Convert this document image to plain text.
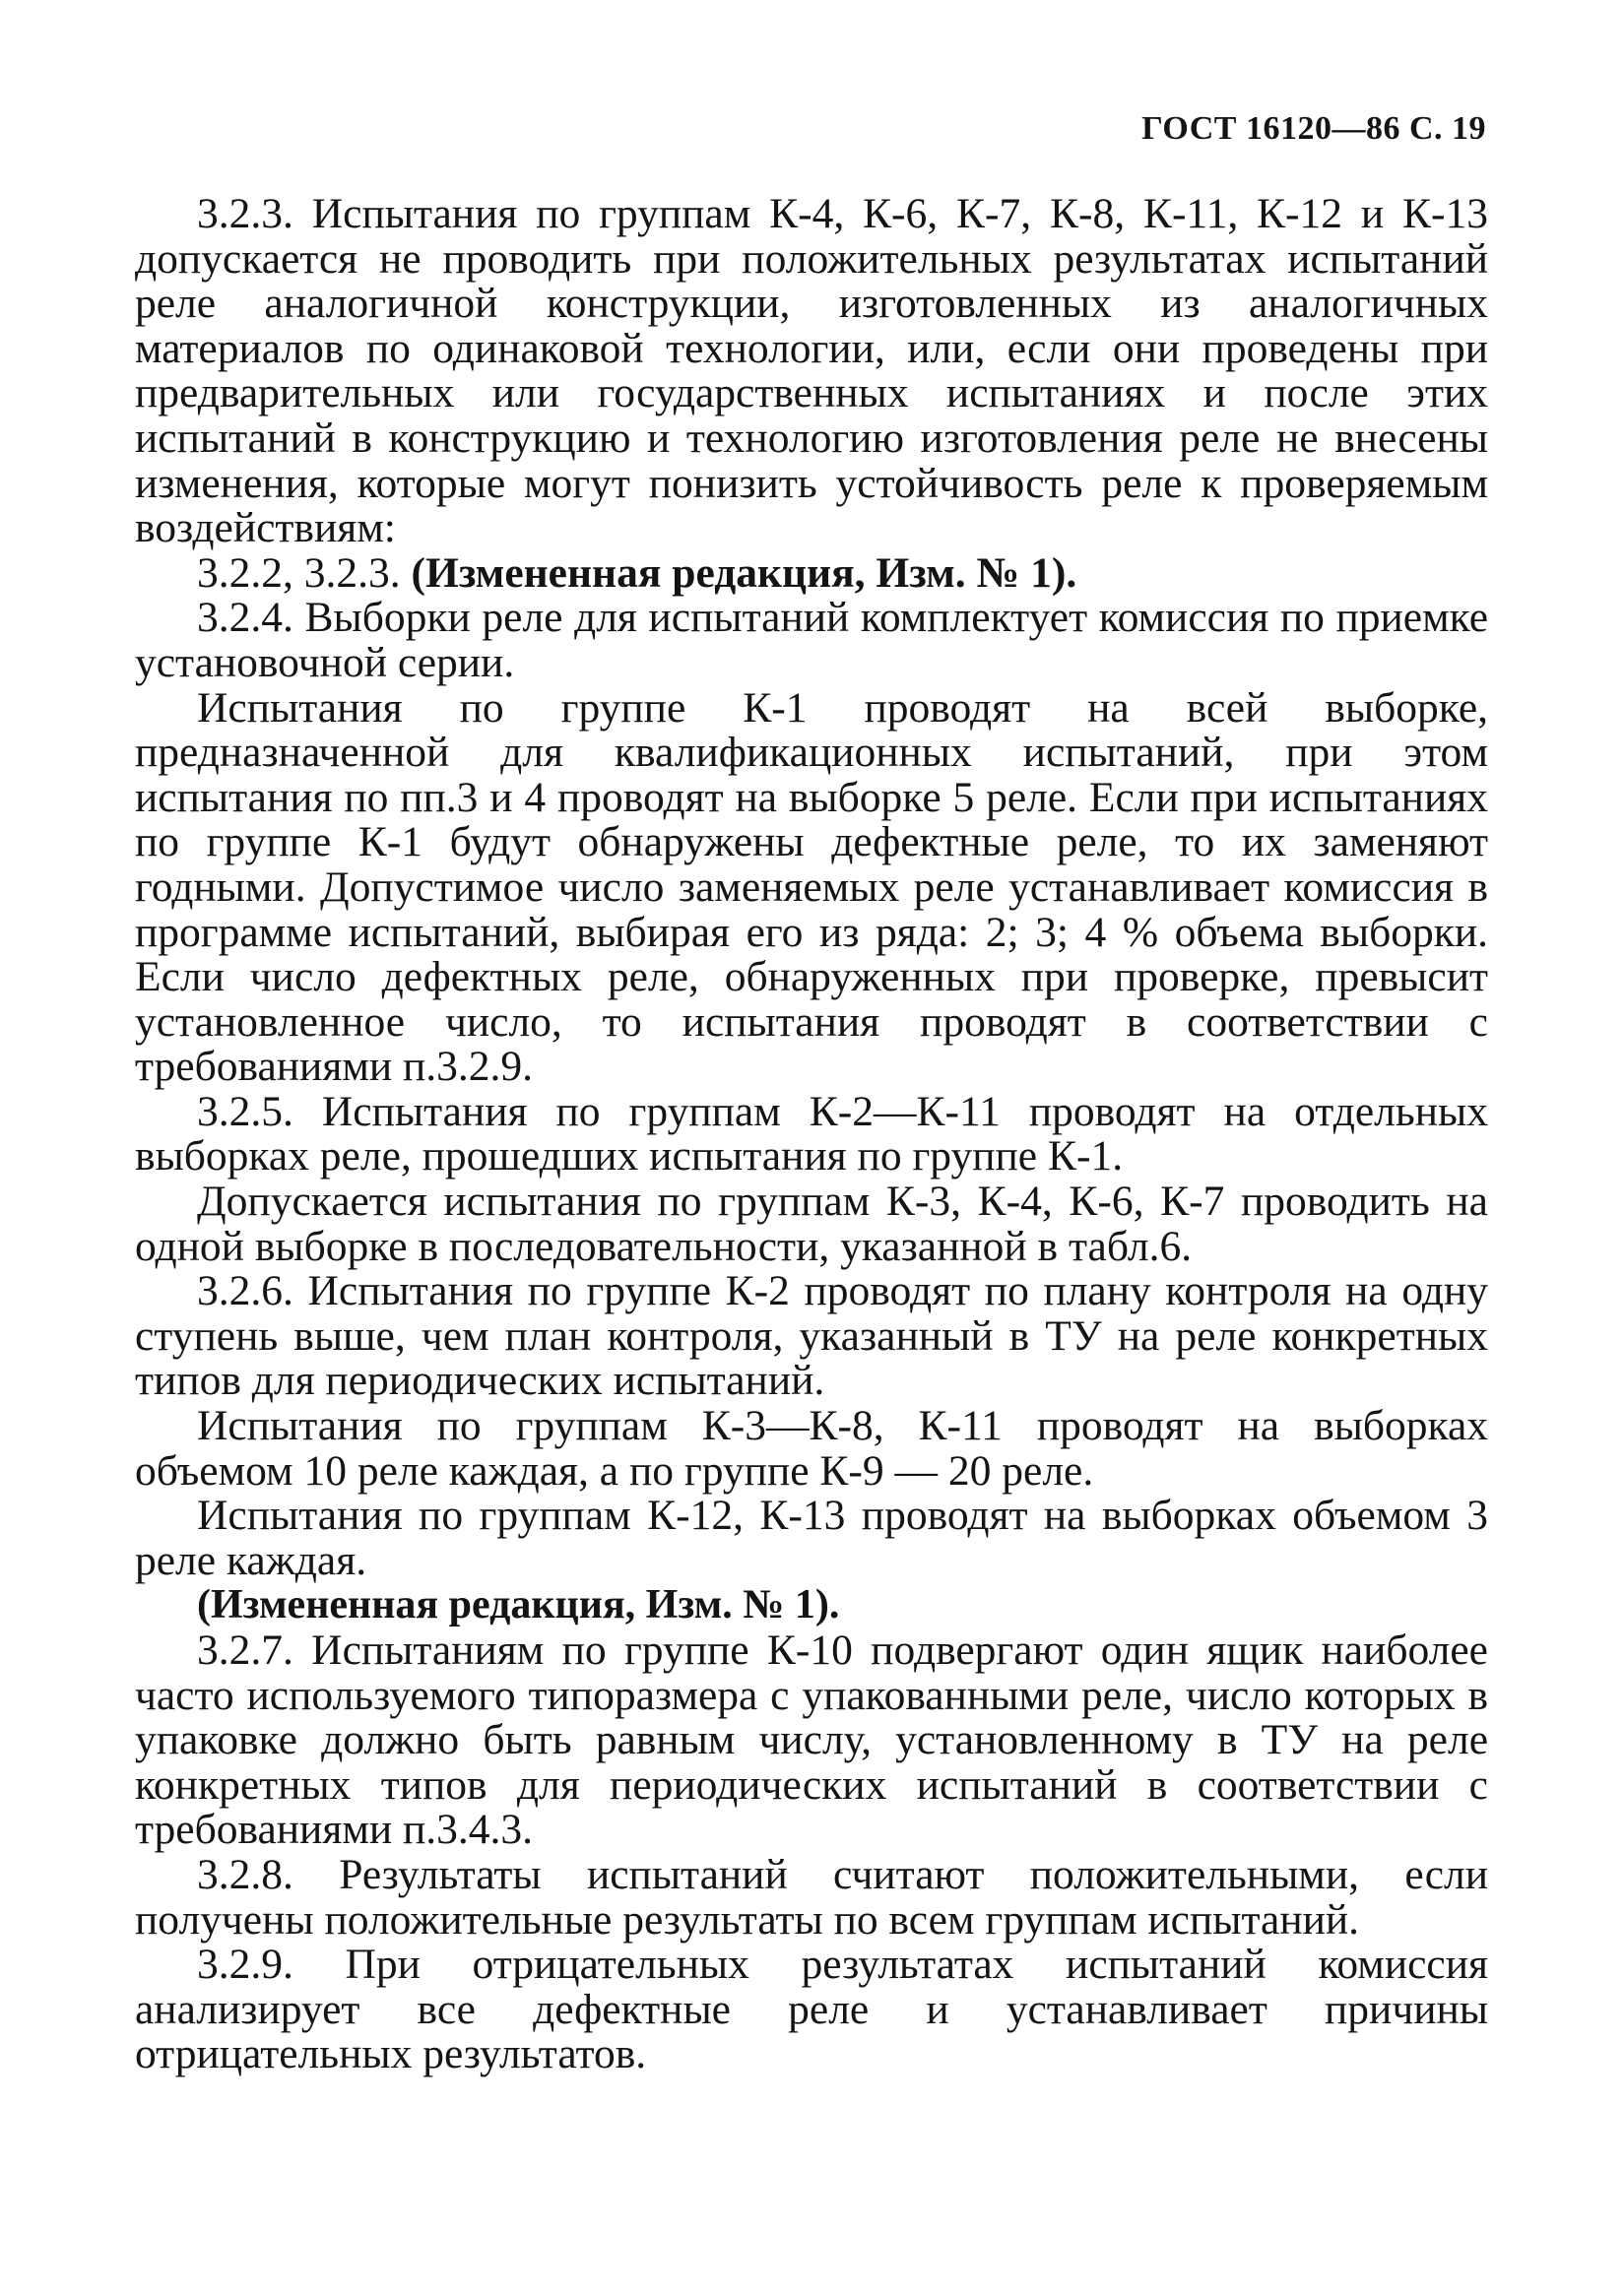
ГОСТ 16120—86 С. 19

3.2.3. Испытания по группам К-4, К-6, К-7, К-8, К-11, К-12 и К-13 допускается не проводить при положительных результатах испытаний реле аналогичной конструкции, изготовленных из аналогичных материалов по одинаковой технологии, или, если они проведены при предварительных или государственных испытаниях и после этих испытаний в конструкцию и технологию изготовления реле не внесены изменения, которые могут понизить устойчивость реле к проверяемым воздействиям:

3.2.2, 3.2.3. (Измененная редакция, Изм. № 1).

3.2.4. Выборки реле для испытаний комплектует комиссия по приемке установочной серии.

Испытания по группе К-1 проводят на всей выборке, предназначенной для квалификационных испытаний, при этом испытания по пп.3 и 4 проводят на выборке 5 реле. Если при испытаниях по группе К-1 будут обнаружены дефектные реле, то их заменяют годными. Допустимое число заменяемых реле устанавливает комиссия в программе испытаний, выбирая его из ряда: 2; 3; 4 % объема выборки. Если число дефектных реле, обнаруженных при проверке, превысит установленное число, то испытания проводят в соответствии с требованиями п.3.2.9.

3.2.5. Испытания по группам К-2—К-11 проводят на отдельных выборках реле, прошедших испытания по группе К-1.

Допускается испытания по группам К-3, К-4, К-6, К-7 проводить на одной выборке в последовательности, указанной в табл.6.

3.2.6. Испытания по группе К-2 проводят по плану контроля на одну ступень выше, чем план контроля, указанный в ТУ на реле конкретных типов для периодических испытаний.

Испытания по группам К-3—К-8, К-11 проводят на выборках объемом 10 реле каждая, а по группе К-9 — 20 реле.

Испытания по группам К-12, К-13 проводят на выборках объемом 3 реле каждая.

(Измененная редакция, Изм. № 1).

3.2.7. Испытаниям по группе К-10 подвергают один ящик наиболее часто используемого типоразмера с упакованными реле, число которых в упаковке должно быть равным числу, установленному в ТУ на реле конкретных типов для периодических испытаний в соответствии с требованиями п.3.4.3.

3.2.8. Результаты испытаний считают положительными, если получены положительные результаты по всем группам испытаний.

3.2.9. При отрицательных результатах испытаний комиссия анализирует все дефектные реле и устанавливает причины отрицательных результатов.
